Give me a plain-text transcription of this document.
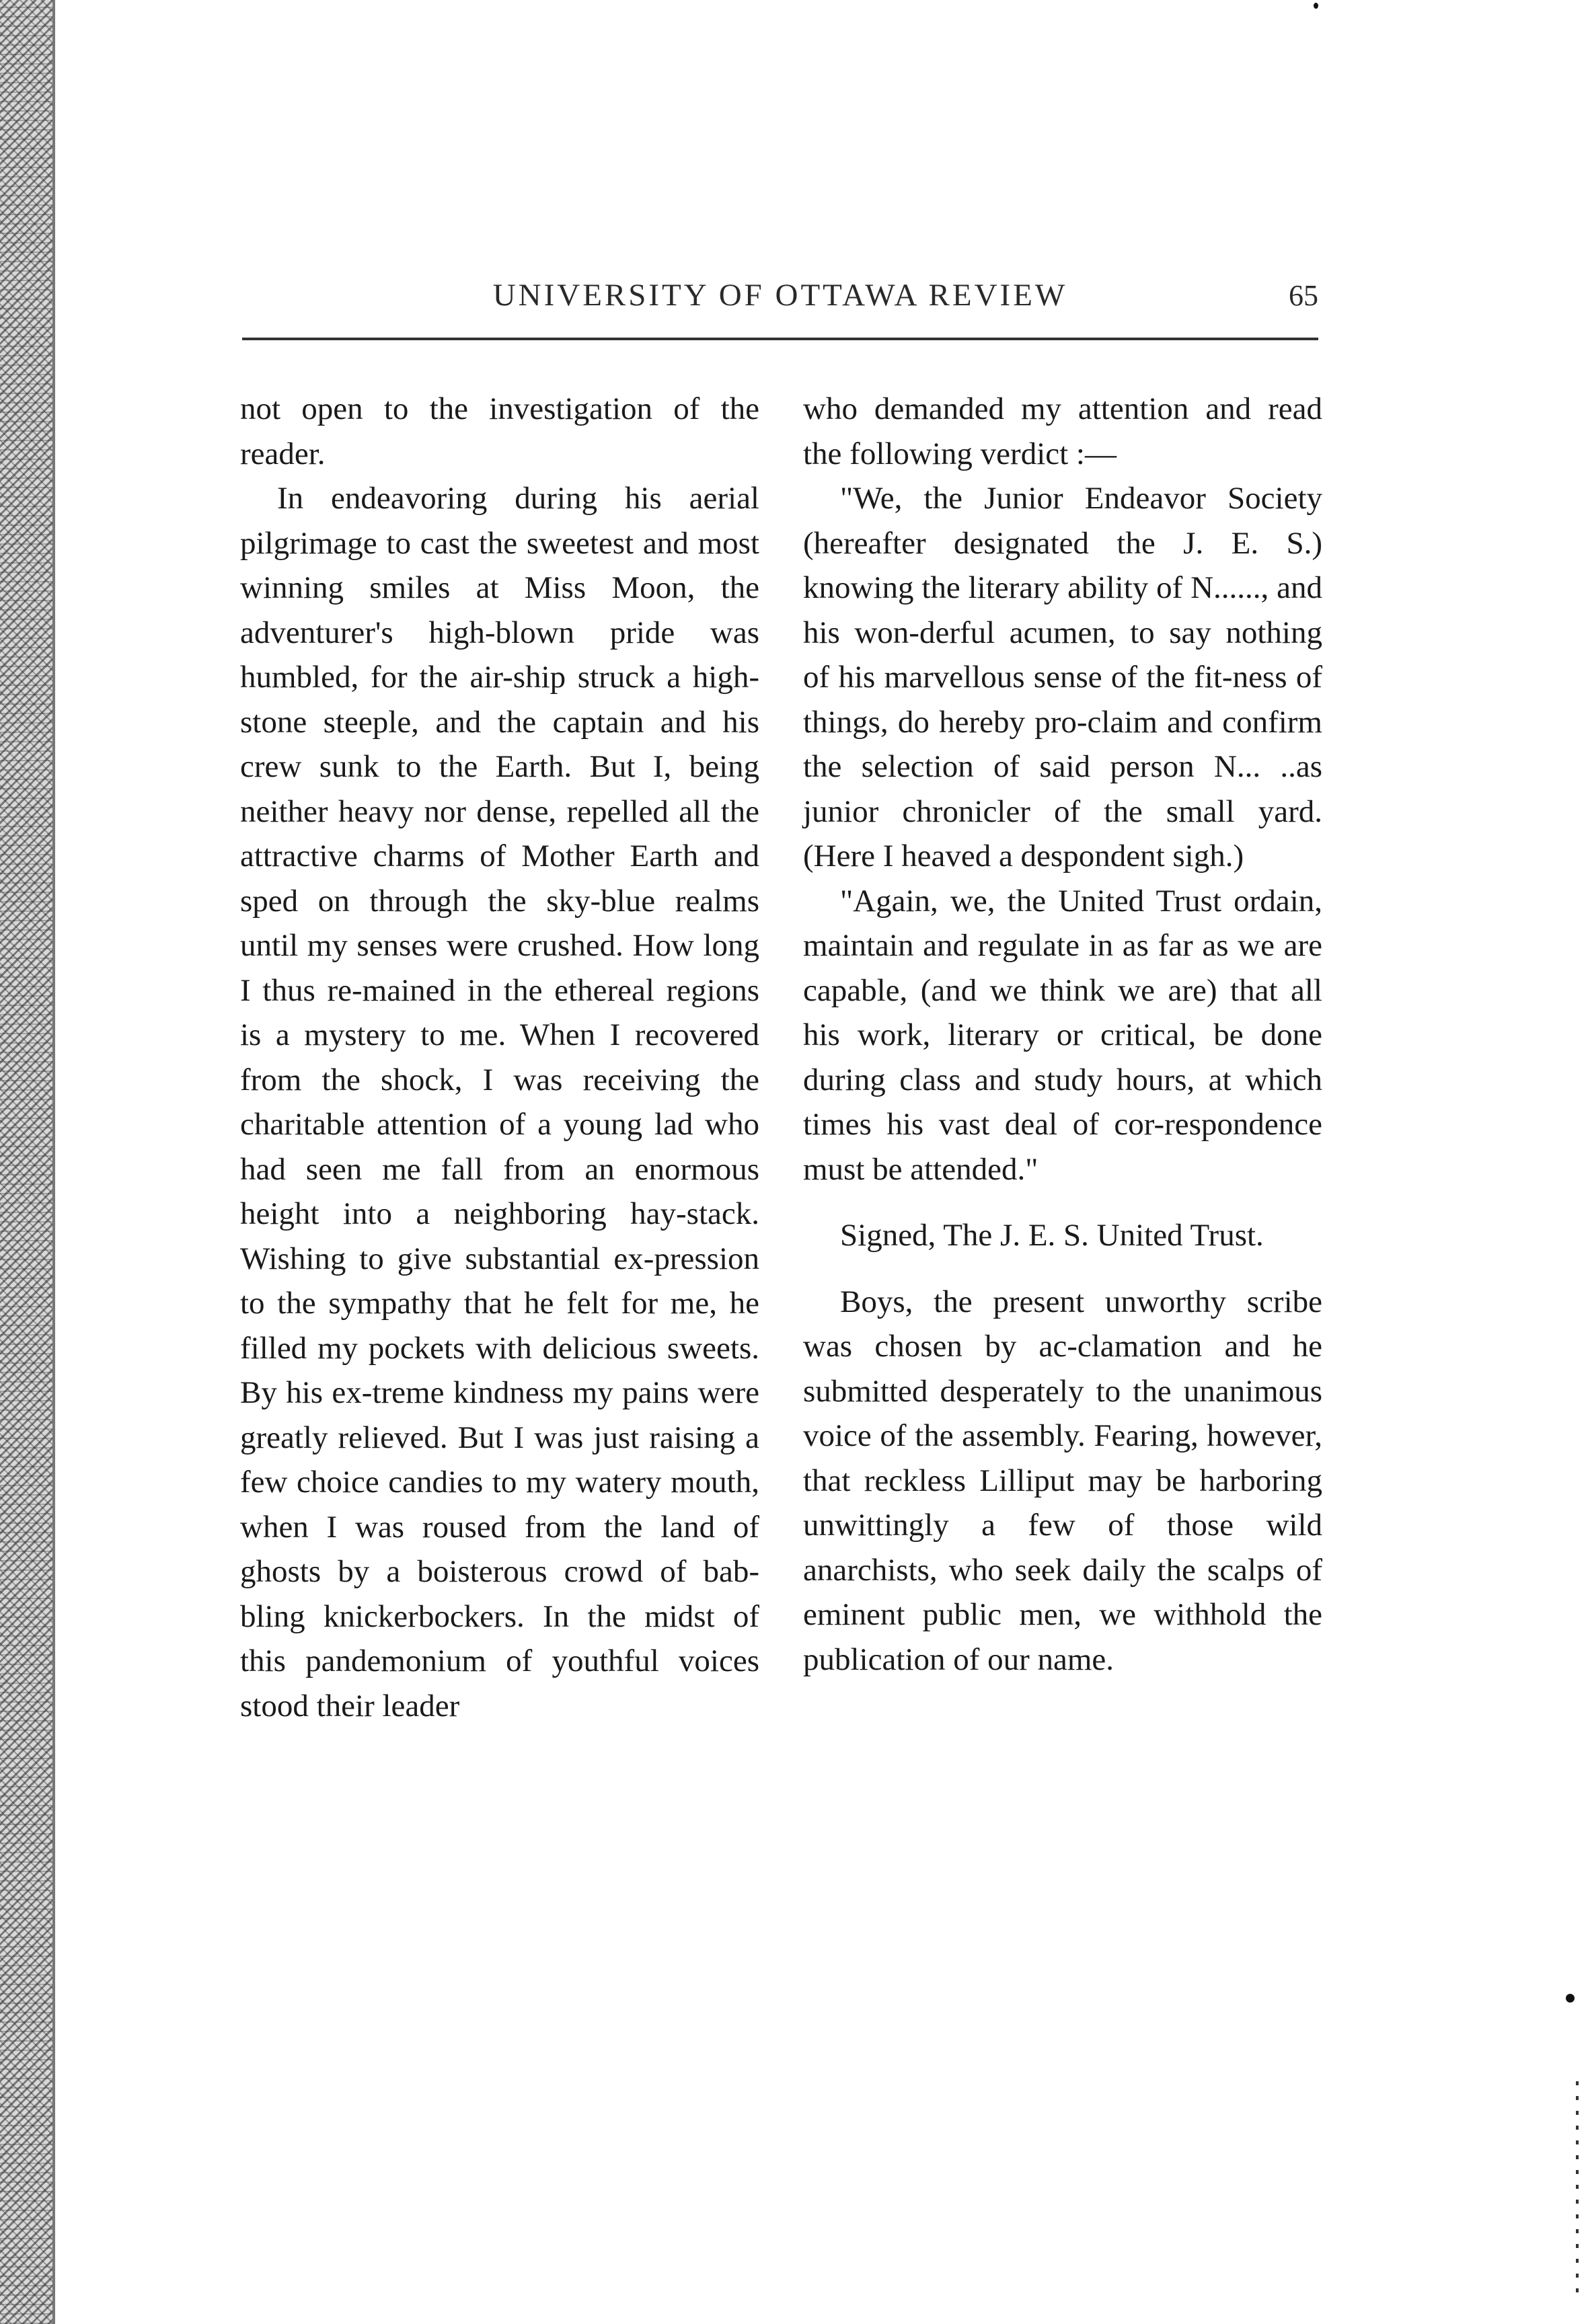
UNIVERSITY OF OTTAWA REVIEW	65

not open to the investigation of the reader.

In endeavoring during his aerial pilgrimage to cast the sweetest and most winning smiles at Miss Moon, the adventurer's high-blown pride was humbled, for the air-ship struck a high-stone steeple, and the captain and his crew sunk to the Earth. But I, being neither heavy nor dense, repelled all the attractive charms of Mother Earth and sped on through the sky-blue realms until my senses were crushed. How long I thus re-mained in the ethereal regions is a mystery to me. When I recovered from the shock, I was receiving the charitable attention of a young lad who had seen me fall from an enormous height into a neighboring hay-stack. Wishing to give substantial ex-pression to the sympathy that he felt for me, he filled my pockets with delicious sweets. By his ex-treme kindness my pains were greatly relieved. But I was just raising a few choice candies to my watery mouth, when I was roused from the land of ghosts by a boisterous crowd of bab-bling knickerbockers. In the midst of this pandemonium of youthful voices stood their leader

who demanded my attention and read the following verdict :—

"We, the Junior Endeavor Society (hereafter designated the J. E. S.) knowing the literary ability of N......, and his won-derful acumen, to say nothing of his marvellous sense of the fit-ness of things, do hereby pro-claim and confirm the selection of said person N... ..as junior chronicler of the small yard. (Here I heaved a despondent sigh.)

"Again, we, the United Trust ordain, maintain and regulate in as far as we are capable, (and we think we are) that all his work, literary or critical, be done during class and study hours, at which times his vast deal of cor-respondence must be attended."

Signed, The J. E. S. United Trust.

Boys, the present unworthy scribe was chosen by ac-clamation and he submitted desperately to the unanimous voice of the assembly. Fearing, however, that reckless Lilliput may be harboring unwittingly a few of those wild anarchists, who seek daily the scalps of eminent public men, we withhold the publication of our name.
